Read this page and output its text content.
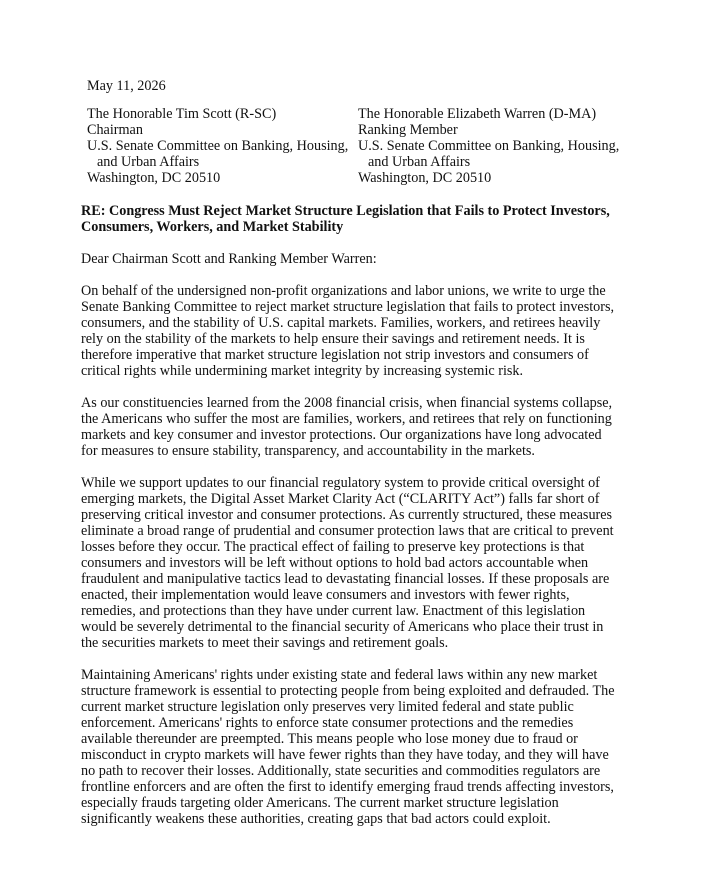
May 11, 2026
The Honorable Tim Scott (R-SC)
Chairman
U.S. Senate Committee on Banking, Housing,
and Urban Affairs
Washington, DC 20510
The Honorable Elizabeth Warren (D-MA)
Ranking Member
U.S. Senate Committee on Banking, Housing,
and Urban Affairs
Washington, DC 20510
RE: Congress Must Reject Market Structure Legislation that Fails to Protect Investors, Consumers, Workers, and Market Stability
Dear Chairman Scott and Ranking Member Warren:

On behalf of the undersigned non-profit organizations and labor unions, we write to urge the Senate Banking Committee to reject market structure legislation that fails to protect investors, consumers, and the stability of U.S. capital markets. Families, workers, and retirees heavily rely on the stability of the markets to help ensure their savings and retirement needs. It is therefore imperative that market structure legislation not strip investors and consumers of critical rights while undermining market integrity by increasing systemic risk.

As our constituencies learned from the 2008 financial crisis, when financial systems collapse, the Americans who suffer the most are families, workers, and retirees that rely on functioning markets and key consumer and investor protections. Our organizations have long advocated for measures to ensure stability, transparency, and accountability in the markets.

While we support updates to our financial regulatory system to provide critical oversight of emerging markets, the Digital Asset Market Clarity Act (“CLARITY Act”) falls far short of preserving critical investor and consumer protections. As currently structured, these measures eliminate a broad range of prudential and consumer protection laws that are critical to prevent losses before they occur. The practical effect of failing to preserve key protections is that consumers and investors will be left without options to hold bad actors accountable when fraudulent and manipulative tactics lead to devastating financial losses. If these proposals are enacted, their implementation would leave consumers and investors with fewer rights, remedies, and protections than they have under current law. Enactment of this legislation would be severely detrimental to the financial security of Americans who place their trust in the securities markets to meet their savings and retirement goals.

Maintaining Americans' rights under existing state and federal laws within any new market structure framework is essential to protecting people from being exploited and defrauded. The current market structure legislation only preserves very limited federal and state public enforcement. Americans' rights to enforce state consumer protections and the remedies available thereunder are preempted. This means people who lose money due to fraud or misconduct in crypto markets will have fewer rights than they have today, and they will have no path to recover their losses. Additionally, state securities and commodities regulators are frontline enforcers and are often the first to identify emerging fraud trends affecting investors, especially frauds targeting older Americans. The current market structure legislation significantly weakens these authorities, creating gaps that bad actors could exploit.
